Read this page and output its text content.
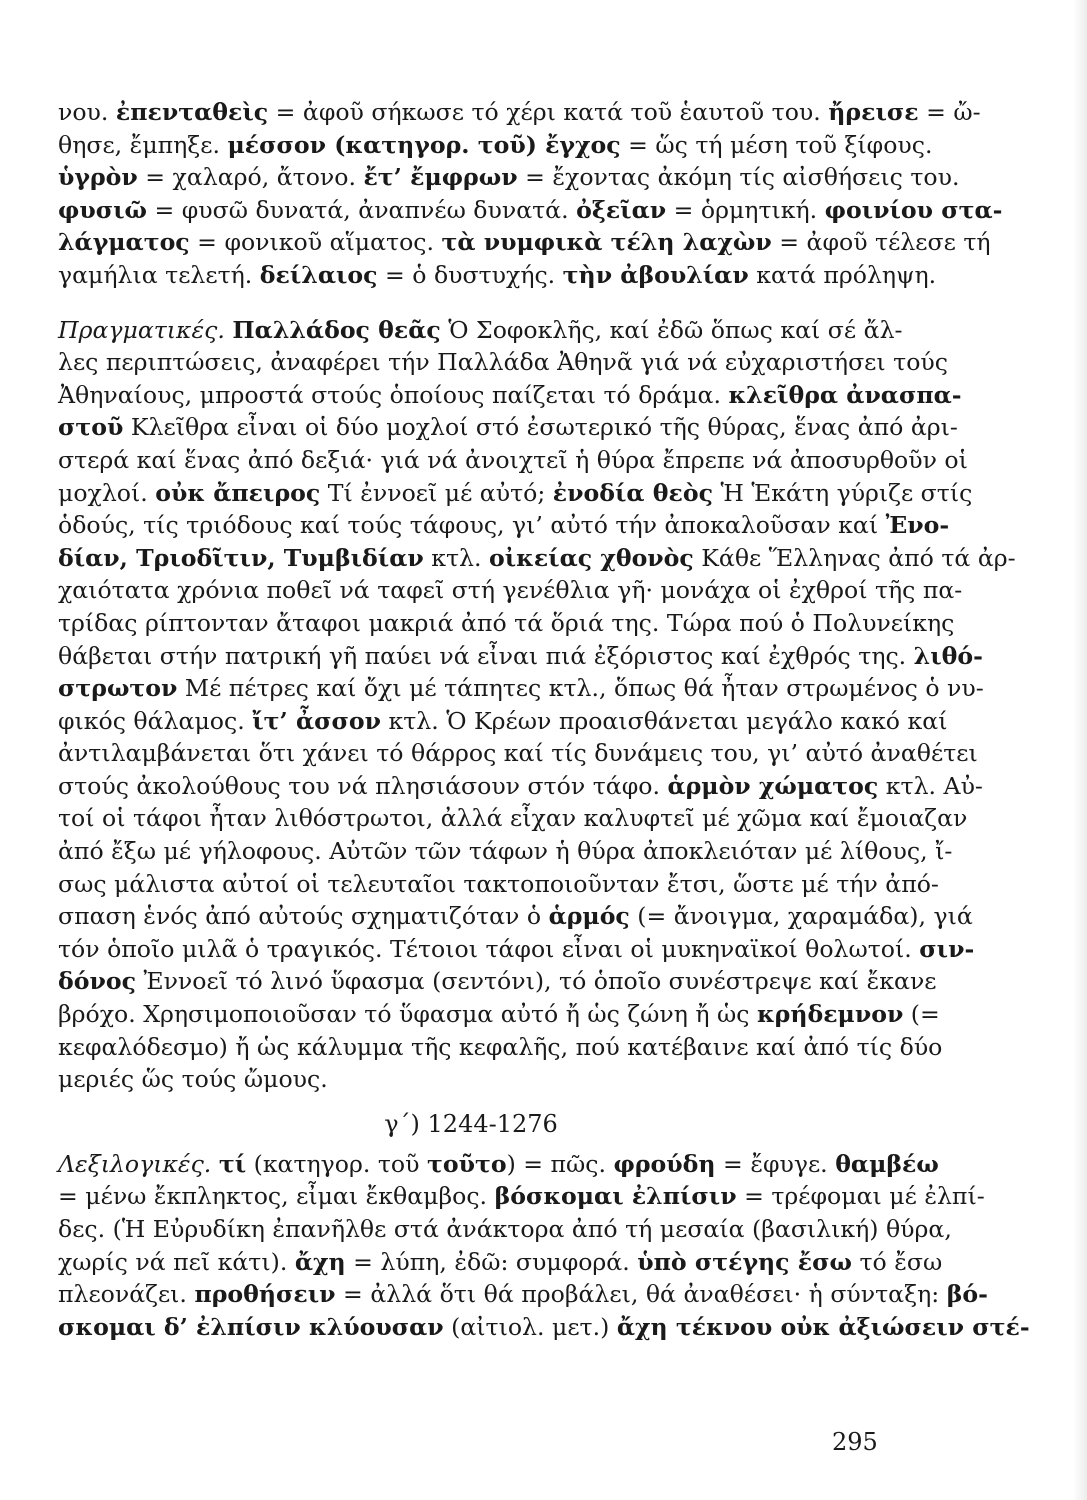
νου. ἐπενταθεὶς = ἀφοῦ σήκωσε τό χέρι κατά τοῦ ἑαυτοῦ του. ἤρεισε = ὤ-
θησε, ἔμπηξε. μέσσον (κατηγορ. τοῦ) ἔγχος = ὥς τή μέση τοῦ ξίφους.
ὑγρὸν = χαλαρό, ἄτονο. ἔτ’ ἔμφρων = ἔχοντας ἀκόμη τίς αἰσθήσεις του.
φυσιῶ = φυσῶ δυνατά, ἀναπνέω δυνατά. ὀξεῖαν = ὁρμητική. φοινίου στα-
λάγματος = φονικοῦ αἵματος. τὰ νυμφικὰ τέλη λαχὼν = ἀφοῦ τέλεσε τή
γαμήλια τελετή. δείλαιος = ὁ δυστυχής. τὴν ἀβουλίαν κατά πρόληψη.
Πραγματικές. Παλλάδος θεᾶς Ὁ Σοφοκλῆς, καί ἐδῶ ὅπως καί σέ ἄλ-
λες περιπτώσεις, ἀναφέρει τήν Παλλάδα Ἀθηνᾶ γιά νά εὐχαριστήσει τούς
Ἀθηναίους, μπροστά στούς ὁποίους παίζεται τό δράμα. κλεῖθρα ἀνασπα-
στοῦ Κλεῖθρα εἶναι οἱ δύο μοχλοί στό ἐσωτερικό τῆς θύρας, ἕνας ἀπό ἀρι-
στερά καί ἕνας ἀπό δεξιά· γιά νά ἀνοιχτεῖ ἡ θύρα ἔπρεπε νά ἀποσυρθοῦν οἱ
μοχλοί. οὐκ ἄπειρος Τί ἐννοεῖ μέ αὐτό; ἐνοδία θεὸς Ἡ Ἑκάτη γύριζε στίς
ὁδούς, τίς τριόδους καί τούς τάφους, γι’ αὐτό τήν ἀποκαλοῦσαν καί Ἐνο-
δίαν, Τριοδῖτιν, Τυμβιδίαν κτλ. οἰκείας χθονὸς Κάθε Ἕλληνας ἀπό τά ἀρ-
χαιότατα χρόνια ποθεῖ νά ταφεῖ στή γενέθλια γῆ· μονάχα οἱ ἐχθροί τῆς πα-
τρίδας ρίπτονταν ἄταφοι μακριά ἀπό τά ὅριά της. Τώρα πού ὁ Πολυνείκης
θάβεται στήν πατρική γῆ παύει νά εἶναι πιά ἐξόριστος καί ἐχθρός της. λιθό-
στρωτον Μέ πέτρες καί ὄχι μέ τάπητες κτλ., ὅπως θά ἦταν στρωμένος ὁ νυ-
φικός θάλαμος. ἴτ’ ἆσσον κτλ. Ὁ Κρέων προαισθάνεται μεγάλο κακό καί
ἀντιλαμβάνεται ὅτι χάνει τό θάρρος καί τίς δυνάμεις του, γι’ αὐτό ἀναθέτει
στούς ἀκολούθους του νά πλησιάσουν στόν τάφο. ἁρμὸν χώματος κτλ. Αὐ-
τοί οἱ τάφοι ἦταν λιθόστρωτοι, ἀλλά εἶχαν καλυφτεῖ μέ χῶμα καί ἔμοιαζαν
ἀπό ἔξω μέ γήλοφους. Αὐτῶν τῶν τάφων ἡ θύρα ἀποκλειόταν μέ λίθους, ἴ-
σως μάλιστα αὐτοί οἱ τελευταῖοι τακτοποιοῦνταν ἔτσι, ὥστε μέ τήν ἀπό-
σπαση ἑνός ἀπό αὐτούς σχηματιζόταν ὁ ἁρμός (= ἄνοιγμα, χαραμάδα), γιά
τόν ὁποῖο μιλᾶ ὁ τραγικός. Τέτοιοι τάφοι εἶναι οἱ μυκηναϊκοί θολωτοί. σιν-
δόνος Ἐννοεῖ τό λινό ὕφασμα (σεντόνι), τό ὁποῖο συνέστρεψε καί ἔκανε
βρόχο. Χρησιμοποιοῦσαν τό ὕφασμα αὐτό ἤ ὡς ζώνη ἤ ὡς κρήδεμνον (=
κεφαλόδεσμο) ἤ ὡς κάλυμμα τῆς κεφαλῆς, πού κατέβαινε καί ἀπό τίς δύο
μεριές ὥς τούς ὤμους.
γ΄) 1244-1276
Λεξιλογικές. τί (κατηγορ. τοῦ τοῦτο) = πῶς. φρούδη = ἔφυγε. θαμβέω
= μένω ἔκπληκτος, εἶμαι ἔκθαμβος. βόσκομαι ἐλπίσιν = τρέφομαι μέ ἐλπί-
δες. (Ἡ Εὐρυδίκη ἐπανῆλθε στά ἀνάκτορα ἀπό τή μεσαία (βασιλική) θύρα,
χωρίς νά πεῖ κάτι). ἄχη = λύπη, ἐδῶ: συμφορά. ὑπὸ στέγης ἔσω τό ἔσω
πλεονάζει. προθήσειν = ἀλλά ὅτι θά προβάλει, θά ἀναθέσει· ἡ σύνταξη: βό-
σκομαι δ’ ἐλπίσιν κλύουσαν (αἰτιολ. μετ.) ἄχη τέκνου οὐκ ἀξιώσειν στέ-
295
